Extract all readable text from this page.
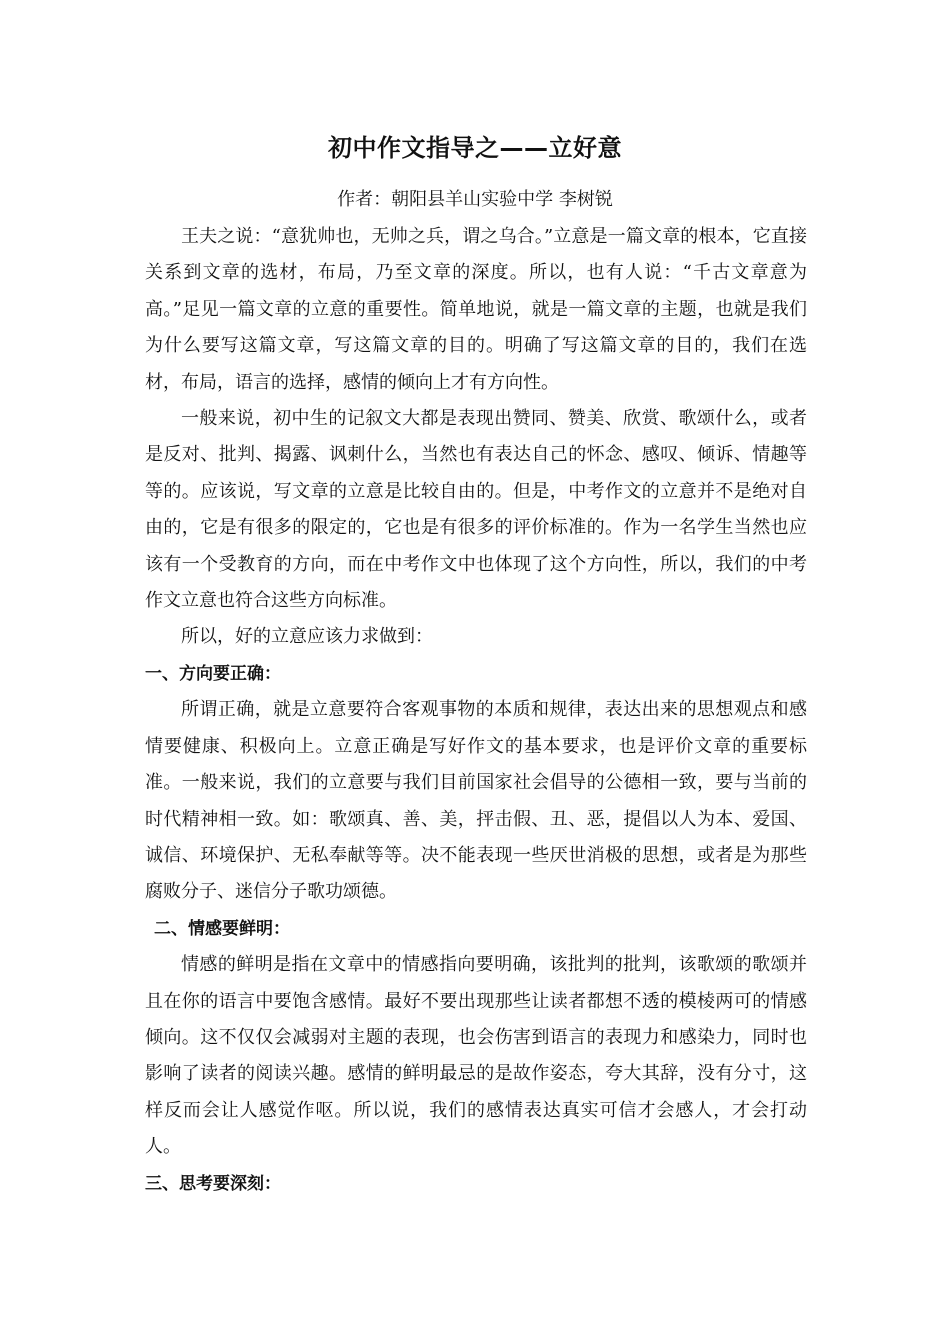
初中作文指导之——立好意
作者：朝阳县羊山实验中学 李树锐

王夫之说：“意犹帅也，无帅之兵，谓之乌合。”立意是一篇文章的根本，它直接关系到文章的选材，布局，乃至文章的深度。所以，也有人说：“千古文章意为高。”足见一篇文章的立意的重要性。简单地说，就是一篇文章的主题，也就是我们为什么要写这篇文章，写这篇文章的目的。明确了写这篇文章的目的，我们在选材，布局，语言的选择，感情的倾向上才有方向性。

一般来说，初中生的记叙文大都是表现出赞同、赞美、欣赏、歌颂什么，或者是反对、批判、揭露、讽刺什么，当然也有表达自己的怀念、感叹、倾诉、情趣等等的。应该说，写文章的立意是比较自由的。但是，中考作文的立意并不是绝对自由的，它是有很多的限定的，它也是有很多的评价标准的。作为一名学生当然也应该有一个受教育的方向，而在中考作文中也体现了这个方向性，所以，我们的中考作文立意也符合这些方向标准。

所以，好的立意应该力求做到：

一、方向要正确：

所谓正确，就是立意要符合客观事物的本质和规律，表达出来的思想观点和感情要健康、积极向上。立意正确是写好作文的基本要求，也是评价文章的重要标准。一般来说，我们的立意要与我们目前国家社会倡导的公德相一致，要与当前的时代精神相一致。如：歌颂真、善、美，抨击假、丑、恶，提倡以人为本、爱国、诚信、环境保护、无私奉献等等。决不能表现一些厌世消极的思想，或者是为那些腐败分子、迷信分子歌功颂德。

二、情感要鲜明：

情感的鲜明是指在文章中的情感指向要明确，该批判的批判，该歌颂的歌颂并且在你的语言中要饱含感情。最好不要出现那些让读者都想不透的模棱两可的情感倾向。这不仅仅会减弱对主题的表现，也会伤害到语言的表现力和感染力，同时也影响了读者的阅读兴趣。感情的鲜明最忌的是故作姿态，夸大其辞，没有分寸，这样反而会让人感觉作呕。所以说，我们的感情表达真实可信才会感人，才会打动人。

三、思考要深刻：
